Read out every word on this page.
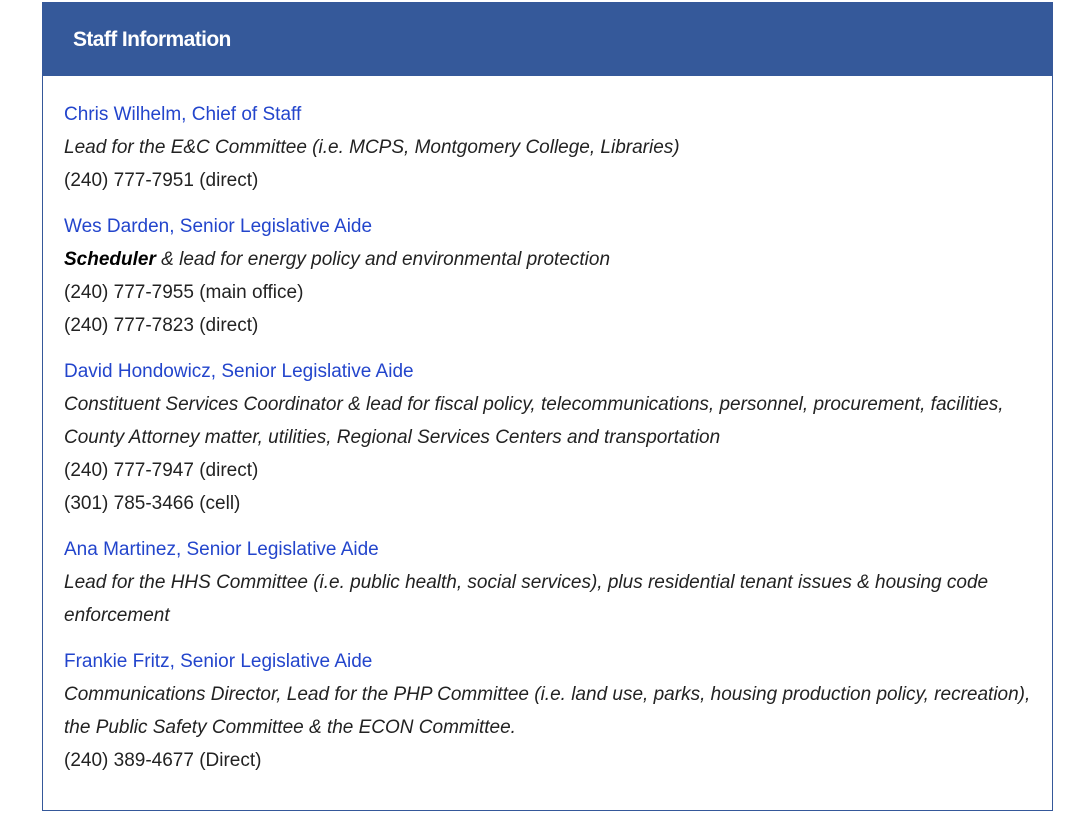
Staff Information
Chris Wilhelm, Chief of Staff
Lead for the E&C Committee (i.e. MCPS, Montgomery College, Libraries)
(240) 777-7951 (direct)
Wes Darden, Senior Legislative Aide
Scheduler & lead for energy policy and environmental protection
(240) 777-7955 (main office)
(240) 777-7823 (direct)
David Hondowicz, Senior Legislative Aide
Constituent Services Coordinator & lead for fiscal policy, telecommunications, personnel, procurement, facilities, County Attorney matter, utilities, Regional Services Centers and transportation
(240) 777-7947 (direct)
(301) 785-3466 (cell)
Ana Martinez, Senior Legislative Aide
Lead for the HHS Committee (i.e. public health, social services), plus residential tenant issues & housing code enforcement
Frankie Fritz, Senior Legislative Aide
Communications Director, Lead for the PHP Committee (i.e. land use, parks, housing production policy, recreation), the Public Safety Committee & the ECON Committee.
(240) 389-4677 (Direct)
